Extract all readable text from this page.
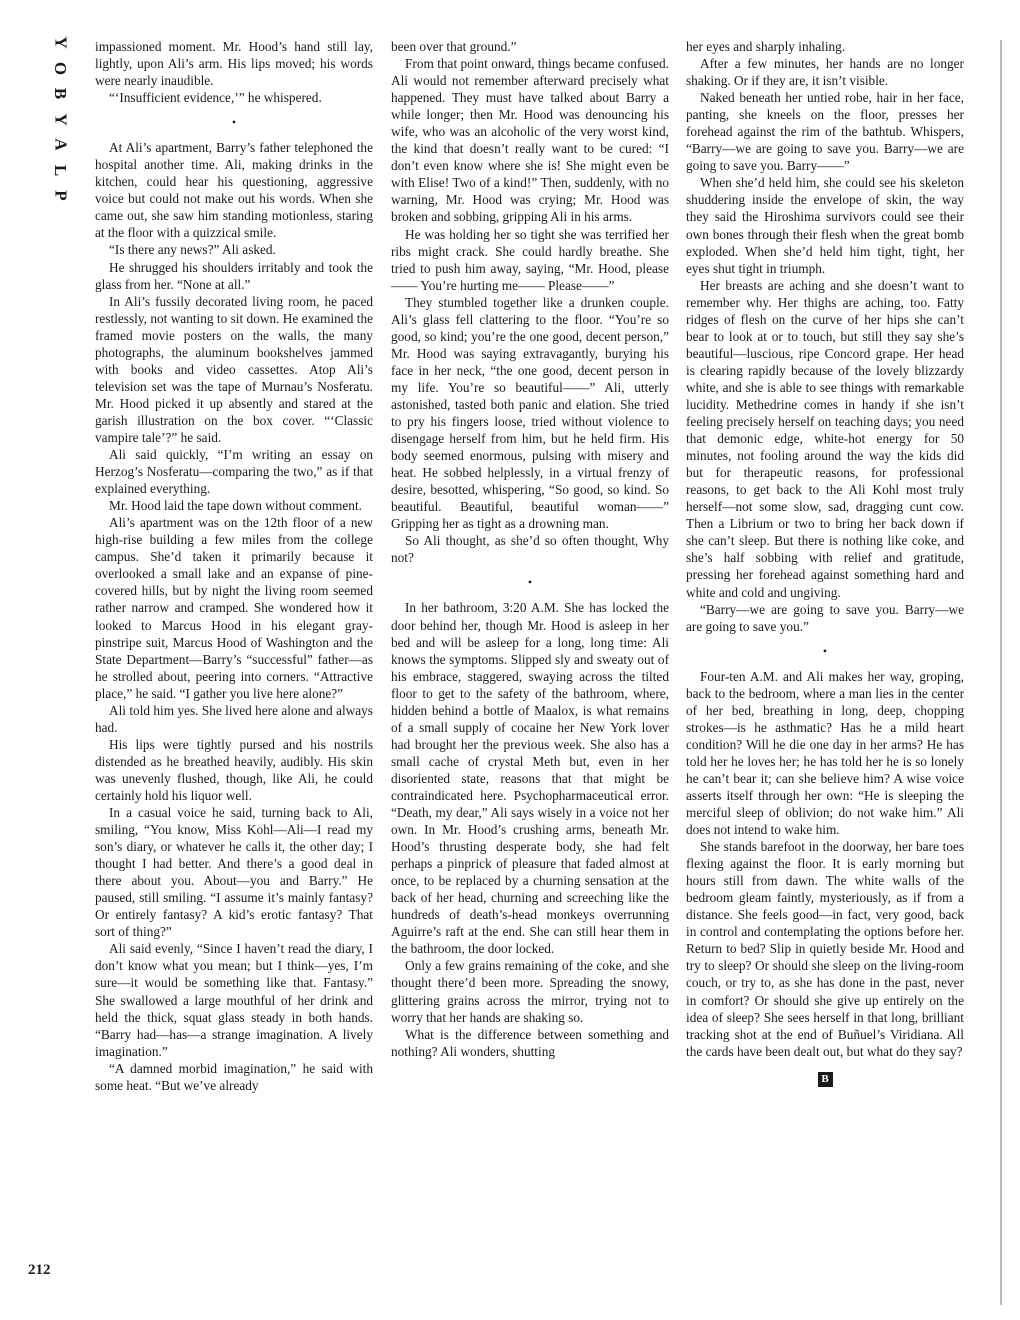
Y
O
B
Y
A
L
P
212

impassioned moment. Mr. Hood’s hand still lay, lightly, upon Ali’s arm. His lips moved; his words were nearly inaudible.

“‘Insufficient evidence,’” he whispered.

•

At Ali’s apartment, Barry’s father telephoned the hospital another time. Ali, making drinks in the kitchen, could hear his questioning, aggressive voice but could not make out his words. When she came out, she saw him standing motionless, staring at the floor with a quizzical smile.

“Is there any news?” Ali asked.

He shrugged his shoulders irritably and took the glass from her. “None at all.”

In Ali’s fussily decorated living room, he paced restlessly, not wanting to sit down. He examined the framed movie posters on the walls, the many photographs, the aluminum bookshelves jammed with books and video cassettes. Atop Ali’s television set was the tape of Murnau’s Nosferatu. Mr. Hood picked it up absently and stared at the garish illustration on the box cover. “‘Classic vampire tale’?” he said.

Ali said quickly, “I’m writing an essay on Herzog’s Nosferatu—comparing the two,” as if that explained everything.

Mr. Hood laid the tape down without comment.

Ali’s apartment was on the 12th floor of a new high-rise building a few miles from the college campus. She’d taken it primarily because it overlooked a small lake and an expanse of pine-covered hills, but by night the living room seemed rather narrow and cramped. She wondered how it looked to Marcus Hood in his elegant gray-pinstripe suit, Marcus Hood of Washington and the State Department—Barry’s “successful” father—as he strolled about, peering into corners. “Attractive place,” he said. “I gather you live here alone?”

Ali told him yes. She lived here alone and always had.

His lips were tightly pursed and his nostrils distended as he breathed heavily, audibly. His skin was unevenly flushed, though, like Ali, he could certainly hold his liquor well.

In a casual voice he said, turning back to Ali, smiling, “You know, Miss Kohl—Ali—I read my son’s diary, or whatever he calls it, the other day; I thought I had better. And there’s a good deal in there about you. About—you and Barry.” He paused, still smiling. “I assume it’s mainly fantasy? Or entirely fantasy? A kid’s erotic fantasy? That sort of thing?”

Ali said evenly, “Since I haven’t read the diary, I don’t know what you mean; but I think—yes, I’m sure—it would be something like that. Fantasy.” She swallowed a large mouthful of her drink and held the thick, squat glass steady in both hands. “Barry had—has—a strange imagination. A lively imagination.”

“A damned morbid imagination,” he said with some heat. “But we’ve already

been over that ground.”

From that point onward, things became confused. Ali would not remember afterward precisely what happened. They must have talked about Barry a while longer; then Mr. Hood was denouncing his wife, who was an alcoholic of the very worst kind, the kind that doesn’t really want to be cured: “I don’t even know where she is! She might even be with Elise! Two of a kind!” Then, suddenly, with no warning, Mr. Hood was crying; Mr. Hood was broken and sobbing, gripping Ali in his arms.

He was holding her so tight she was terrified her ribs might crack. She could hardly breathe. She tried to push him away, saying, “Mr. Hood, please—— You’re hurting me—— Please——”

They stumbled together like a drunken couple. Ali’s glass fell clattering to the floor. “You’re so good, so kind; you’re the one good, decent person,” Mr. Hood was saying extravagantly, burying his face in her neck, “the one good, decent person in my life. You’re so beautiful——” Ali, utterly astonished, tasted both panic and elation. She tried to pry his fingers loose, tried without violence to disengage herself from him, but he held firm. His body seemed enormous, pulsing with misery and heat. He sobbed helplessly, in a virtual frenzy of desire, besotted, whispering, “So good, so kind. So beautiful. Beautiful, beautiful woman——” Gripping her as tight as a drowning man.

So Ali thought, as she’d so often thought, Why not?

•

In her bathroom, 3:20 A.M. She has locked the door behind her, though Mr. Hood is asleep in her bed and will be asleep for a long, long time: Ali knows the symptoms. Slipped sly and sweaty out of his embrace, staggered, swaying across the tilted floor to get to the safety of the bathroom, where, hidden behind a bottle of Maalox, is what remains of a small supply of cocaine her New York lover had brought her the previous week. She also has a small cache of crystal Meth but, even in her disoriented state, reasons that that might be contraindicated here. Psychopharmaceutical error. “Death, my dear,” Ali says wisely in a voice not her own. In Mr. Hood’s crushing arms, beneath Mr. Hood’s thrusting desperate body, she had felt perhaps a pinprick of pleasure that faded almost at once, to be replaced by a churning sensation at the back of her head, churning and screeching like the hundreds of death’s-head monkeys overrunning Aguirre’s raft at the end. She can still hear them in the bathroom, the door locked.

Only a few grains remaining of the coke, and she thought there’d been more. Spreading the snowy, glittering grains across the mirror, trying not to worry that her hands are shaking so.

What is the difference between something and nothing? Ali wonders, shutting

her eyes and sharply inhaling.

After a few minutes, her hands are no longer shaking. Or if they are, it isn’t visible.

Naked beneath her untied robe, hair in her face, panting, she kneels on the floor, presses her forehead against the rim of the bathtub. Whispers, “Barry—we are going to save you. Barry—we are going to save you. Barry——”

When she’d held him, she could see his skeleton shuddering inside the envelope of skin, the way they said the Hiroshima survivors could see their own bones through their flesh when the great bomb exploded. When she’d held him tight, tight, her eyes shut tight in triumph.

Her breasts are aching and she doesn’t want to remember why. Her thighs are aching, too. Fatty ridges of flesh on the curve of her hips she can’t bear to look at or to touch, but still they say she’s beautiful—luscious, ripe Concord grape. Her head is clearing rapidly because of the lovely blizzardy white, and she is able to see things with remarkable lucidity. Methedrine comes in handy if she isn’t feeling precisely herself on teaching days; you need that demonic edge, white-hot energy for 50 minutes, not fooling around the way the kids did but for therapeutic reasons, for professional reasons, to get back to the Ali Kohl most truly herself—not some slow, sad, dragging cunt cow. Then a Librium or two to bring her back down if she can’t sleep. But there is nothing like coke, and she’s half sobbing with relief and gratitude, pressing her forehead against something hard and white and cold and ungiving.

“Barry—we are going to save you. Barry—we are going to save you.”

•

Four-ten A.M. and Ali makes her way, groping, back to the bedroom, where a man lies in the center of her bed, breathing in long, deep, chopping strokes—is he asthmatic? Has he a mild heart condition? Will he die one day in her arms? He has told her he loves her; he has told her he is so lonely he can’t bear it; can she believe him? A wise voice asserts itself through her own: “He is sleeping the merciful sleep of oblivion; do not wake him.” Ali does not intend to wake him.

She stands barefoot in the doorway, her bare toes flexing against the floor. It is early morning but hours still from dawn. The white walls of the bedroom gleam faintly, mysteriously, as if from a distance. She feels good—in fact, very good, back in control and contemplating the options before her. Return to bed? Slip in quietly beside Mr. Hood and try to sleep? Or should she sleep on the living-room couch, or try to, as she has done in the past, never in comfort? Or should she give up entirely on the idea of sleep? She sees herself in that long, brilliant tracking shot at the end of Buñuel’s Viridiana. All the cards have been dealt out, but what do they say?

B
